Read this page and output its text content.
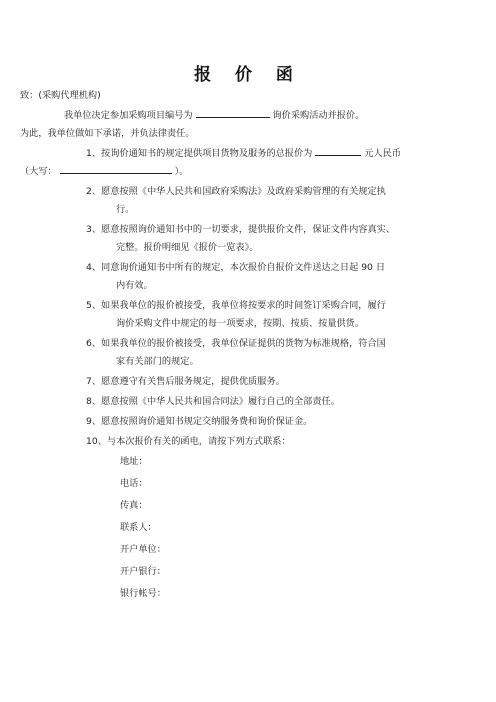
报 价 函
致：(采购代理机构)
我单位决定参加采购项目编号为	询价采购活动并报价。
为此，我单位做如下承诺，并负法律责任。
1、按询价通知书的规定提供项目货物及服务的总报价为	元人民币
（大写：	）。
2、愿意按照《中华人民共和国政府采购法》及政府采购管理的有关规定执
行。
3、愿意按照询价通知书中的一切要求，提供报价文件，保证文件内容真实、
完整。报价明细见《报价一览表》。
4、同意询价通知书中所有的规定，本次报价自报价文件送达之日起 90 日
内有效。
5、如果我单位的报价被接受，我单位将按要求的时间签订采购合同，履行
询价采购文件中规定的每一项要求，按期、按质、按量供货。
6、如果我单位的报价被接受，我单位保证提供的货物为标准规格，符合国
家有关部门的规定。
7、愿意遵守有关售后服务规定，提供优质服务。
8、愿意按照《中华人民共和国合同法》履行自己的全部责任。
9、愿意按照询价通知书规定交纳服务费和询价保证金。
10、与本次报价有关的函电，请按下列方式联系：
地址：
电话：
传真：
联系人：
开户单位：
开户银行：
银行帐号：
